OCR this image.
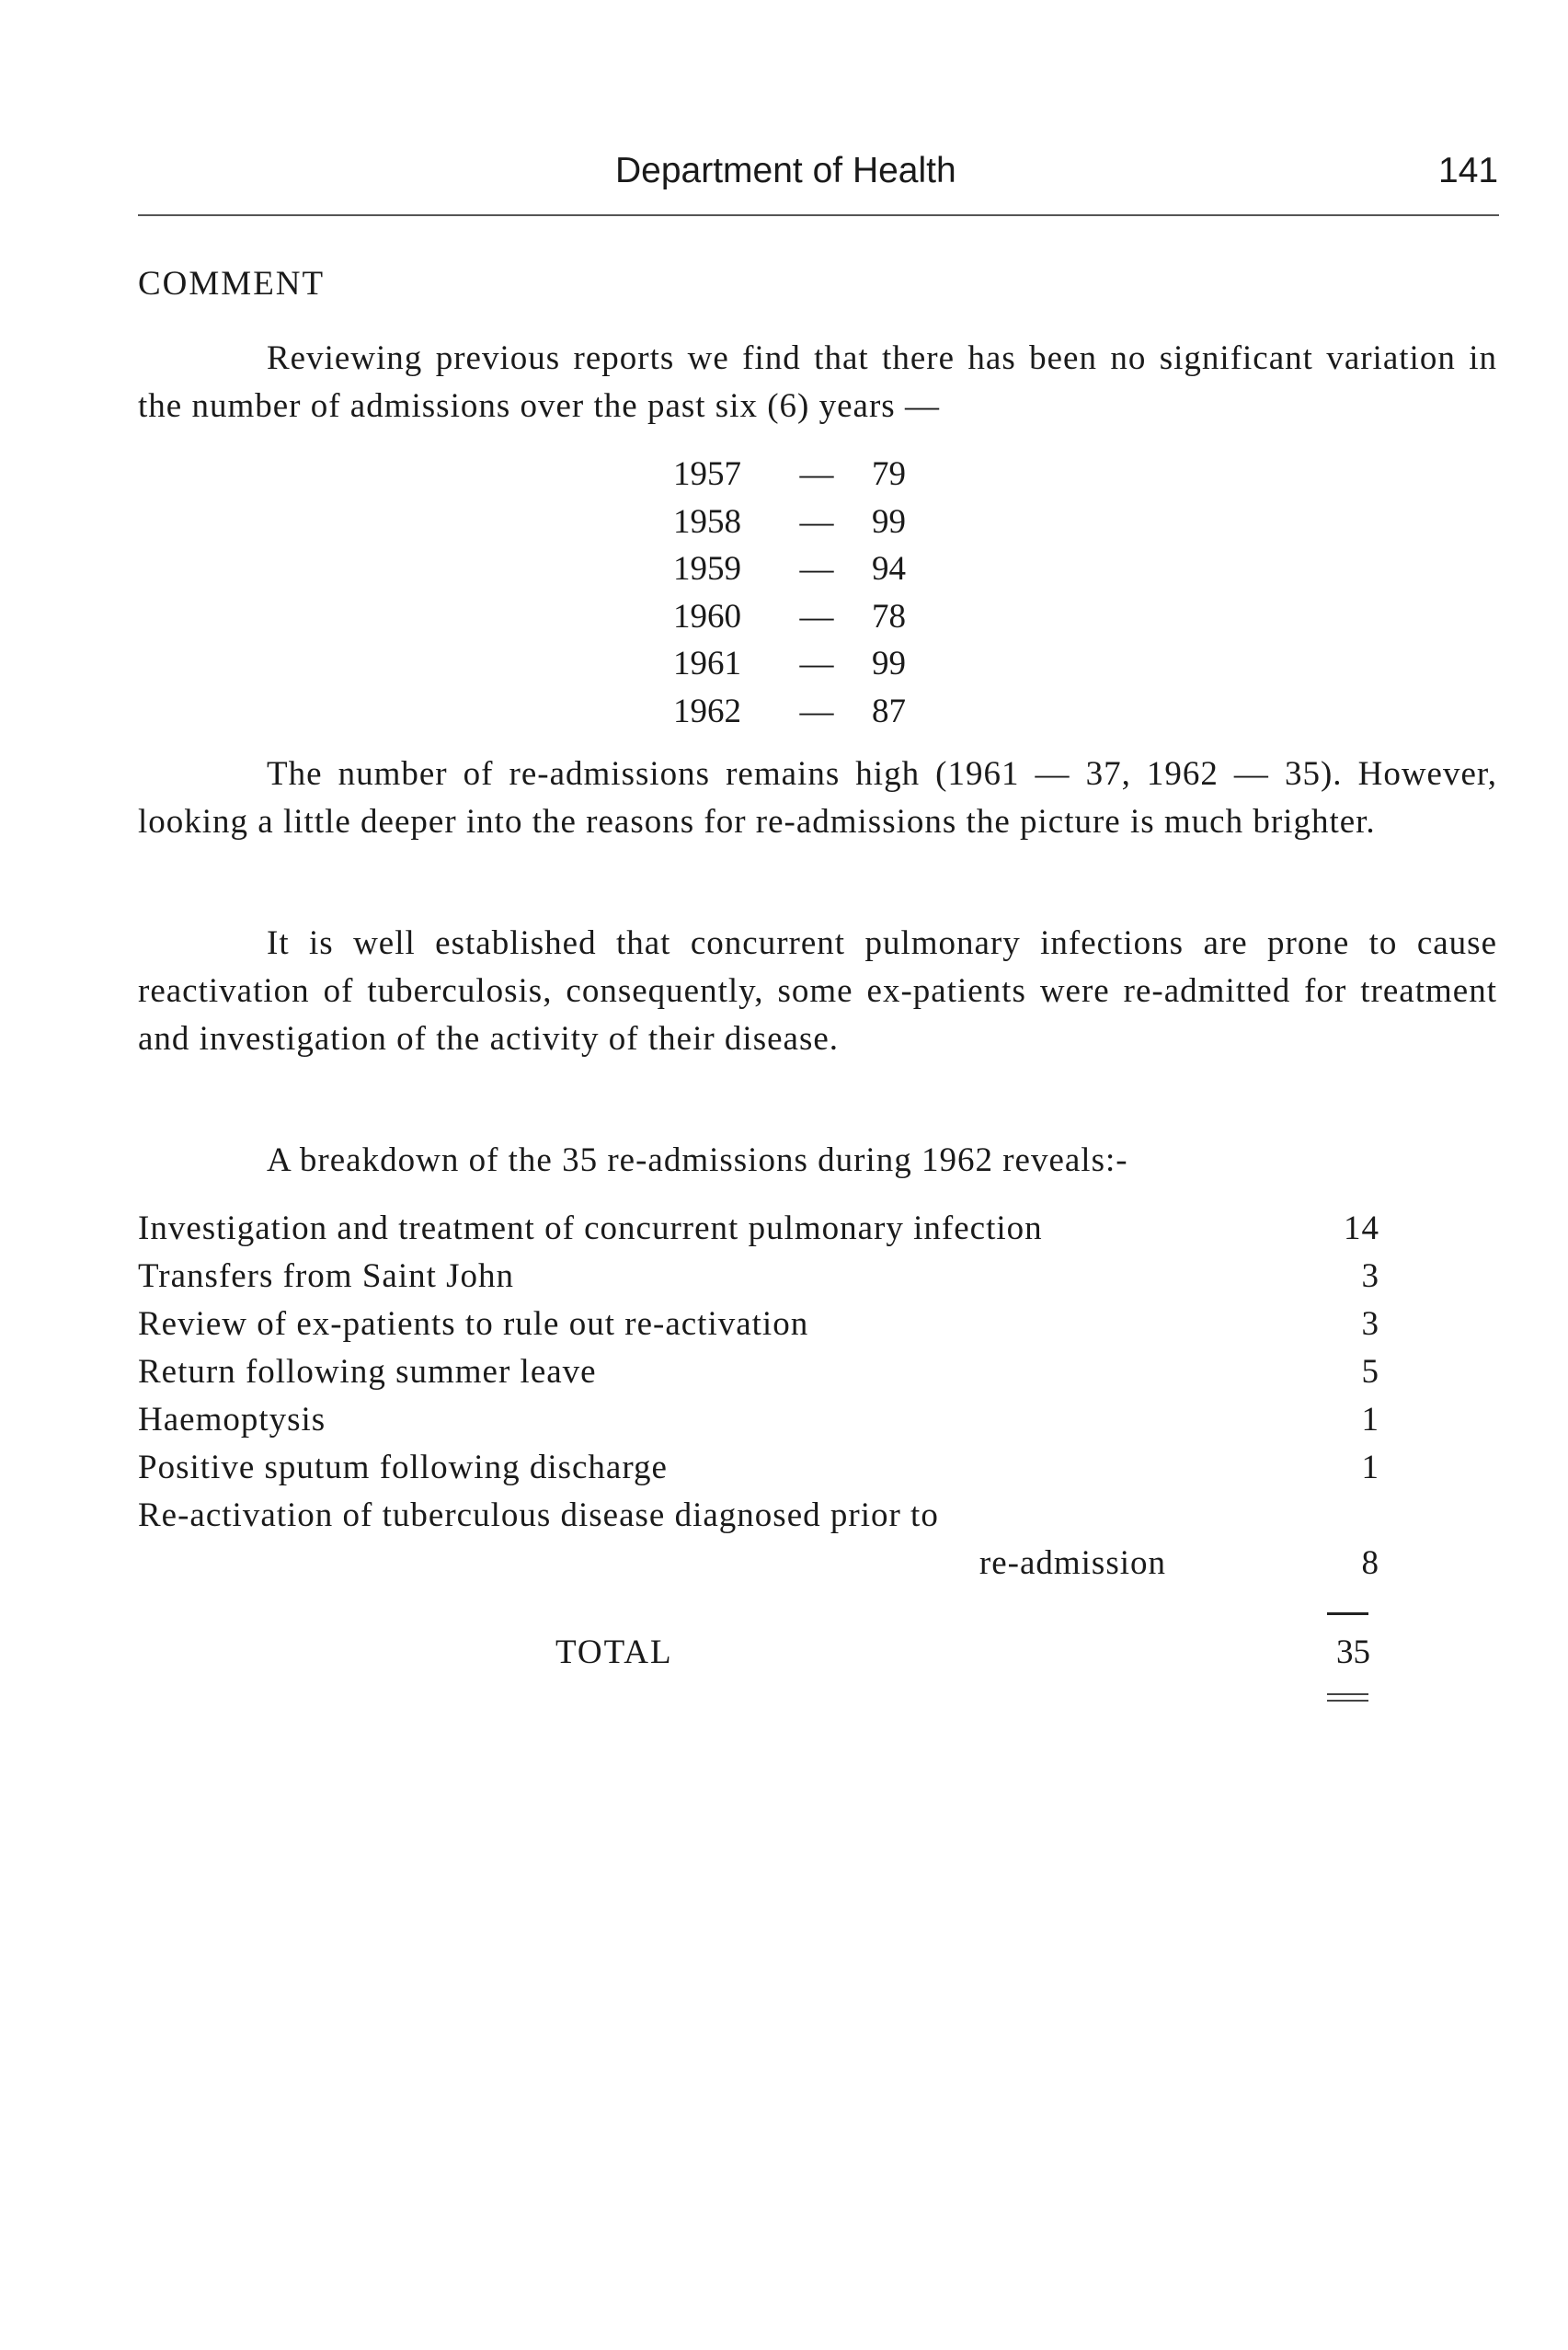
Department of Health	141
COMMENT

Reviewing previous reports we find that there has been no significant variation in the number of admissions over the past six (6) years —

1957	—	79
1958	—	99
1959	—	94
1960	—	78
1961	—	99
1962	—	87

The number of re-admissions remains high (1961 — 37, 1962 — 35). However, looking a little deeper into the reasons for re-admissions the picture is much brighter.

It is well established that concurrent pulmonary infections are prone to cause reactivation of tuberculosis, consequently, some ex-patients were re-admitted for treatment and investigation of the activity of their disease.

A breakdown of the 35 re-admissions during 1962 reveals:-

Investigation and treatment of concurrent pulmonary infection	14
Transfers from Saint John	3
Review of ex-patients to rule out re-activation	3
Return following summer leave	5
Haemoptysis	1
Positive sputum following discharge	1
Re-activation of tuberculous disease diagnosed prior to
re-admission	8
TOTAL	35
